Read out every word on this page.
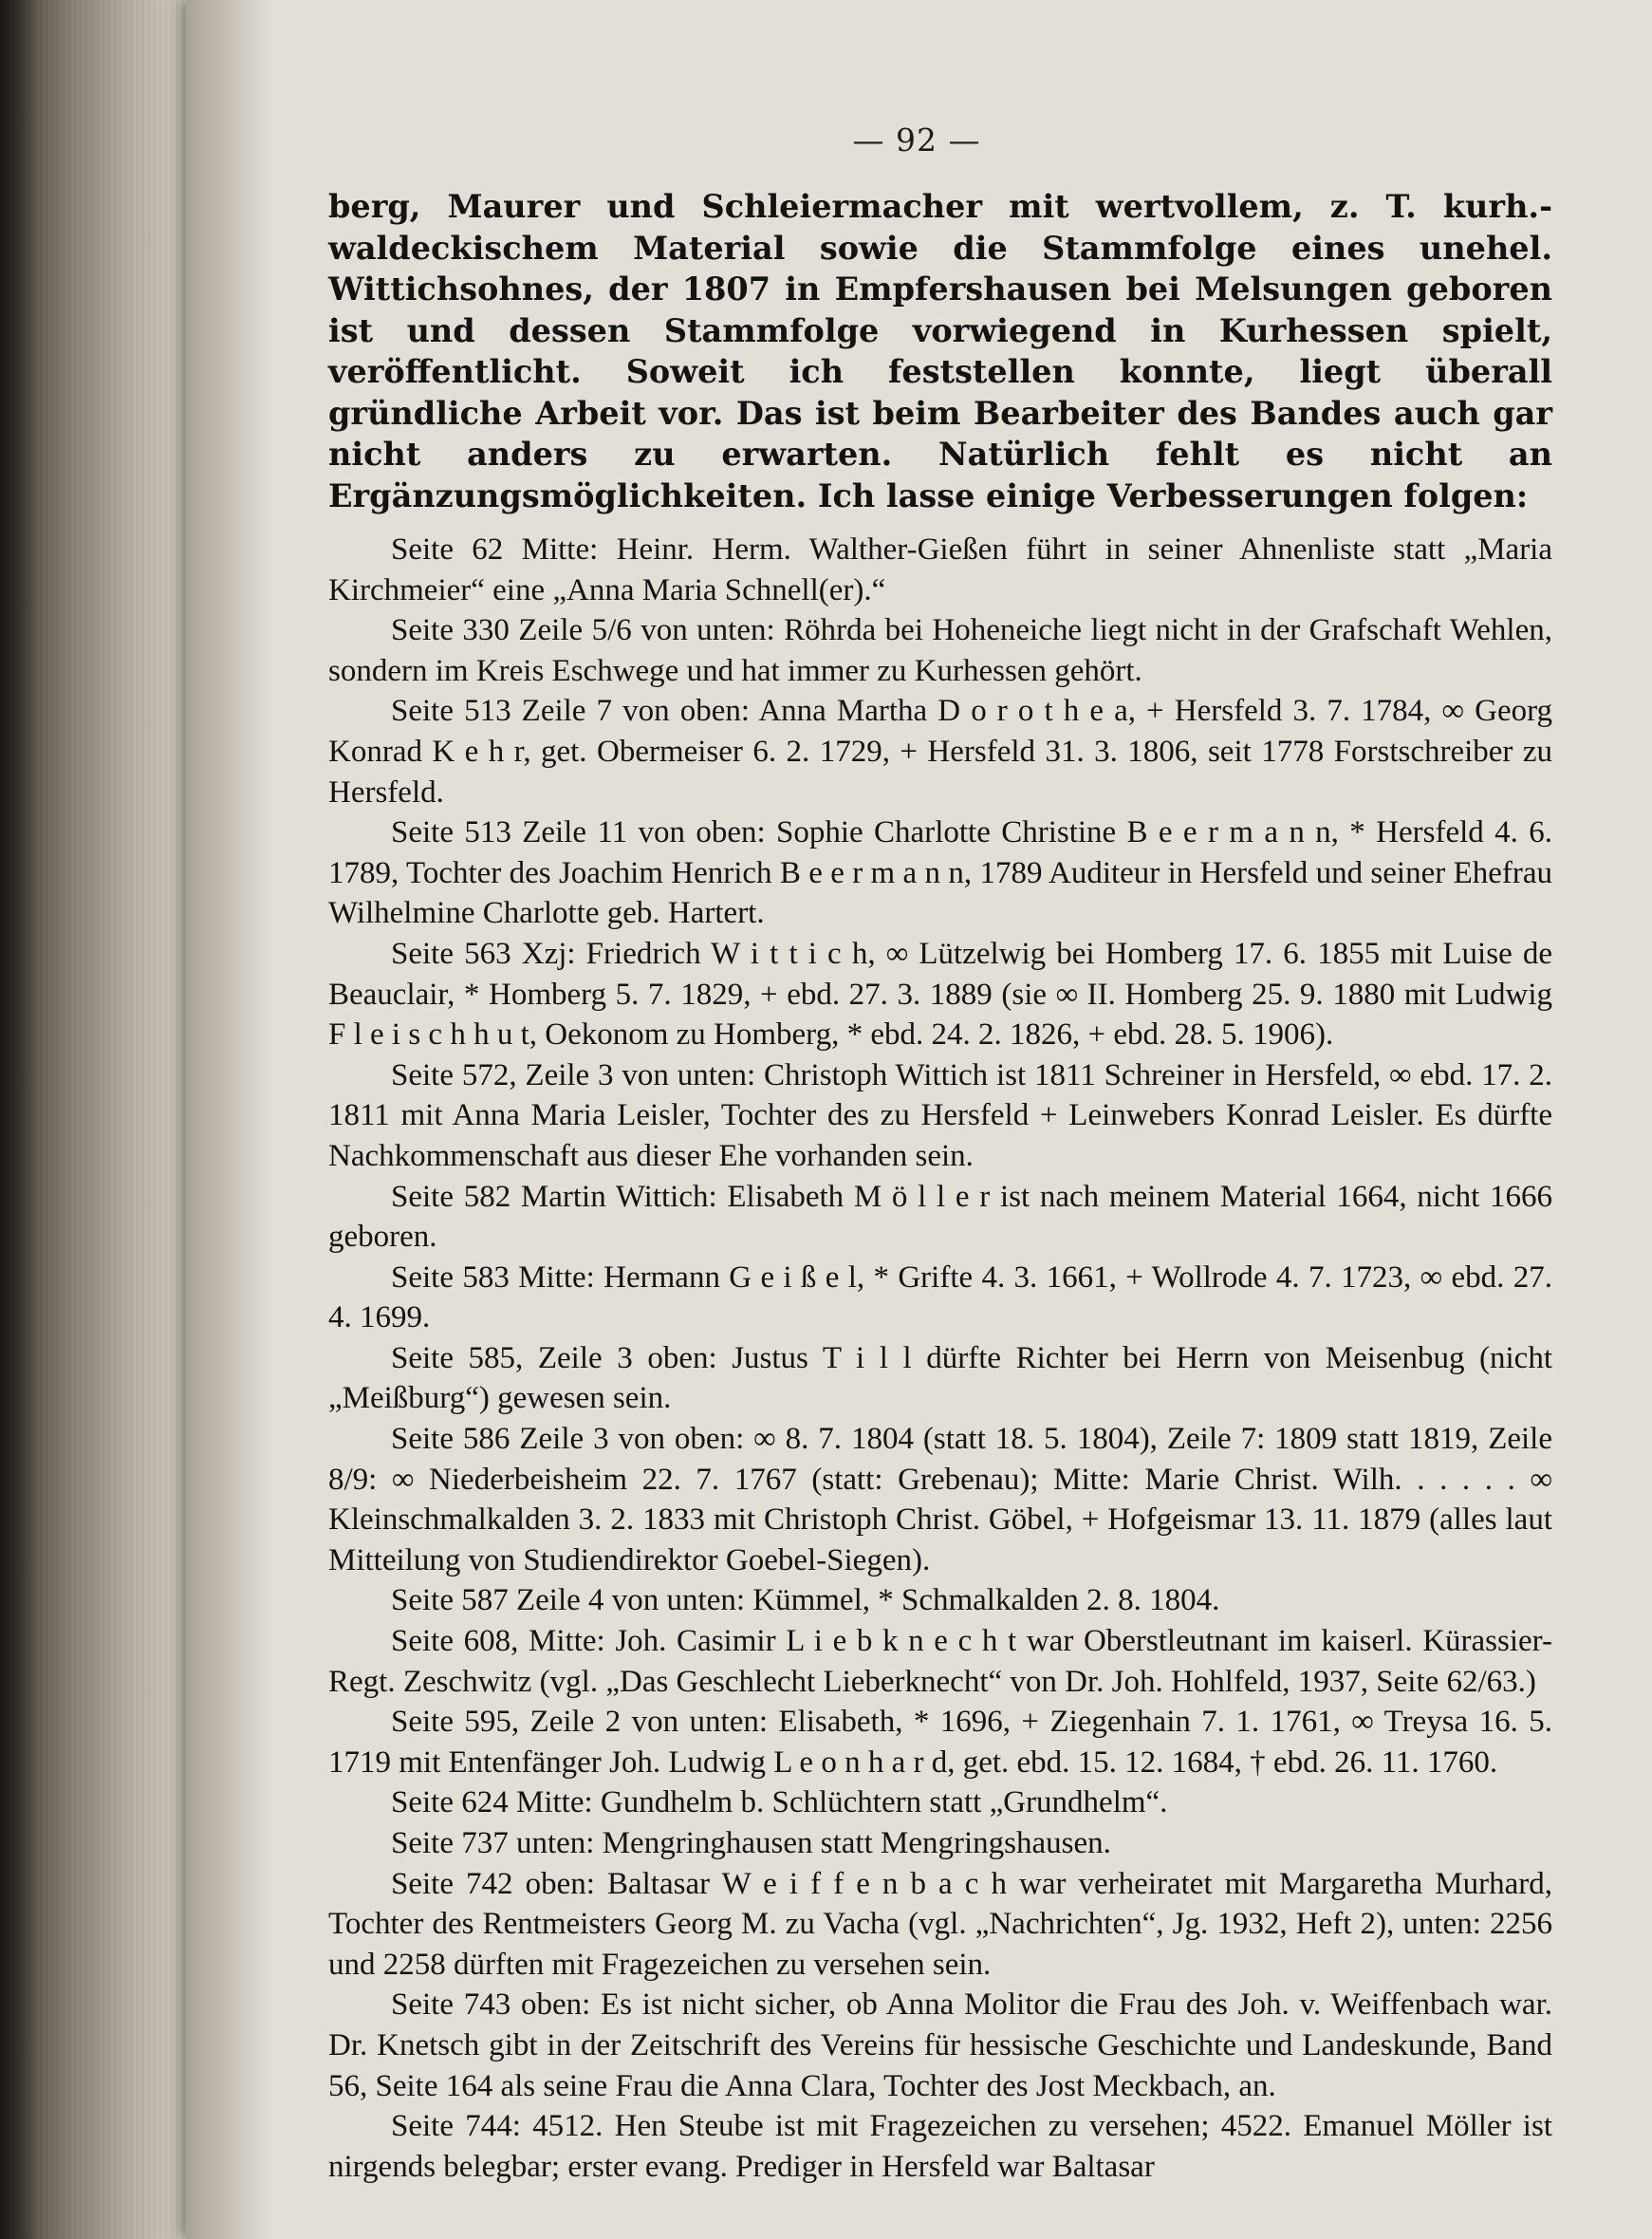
— 92 —

berg, Maurer und Schleiermacher mit wertvollem, z. T. kurh.-waldeckischem Material sowie die Stammfolge eines unehel. Wittichsohnes, der 1807 in Empfershausen bei Melsungen geboren ist und dessen Stammfolge vorwiegend in Kurhessen spielt, veröffentlicht. Soweit ich feststellen konnte, liegt überall gründliche Arbeit vor. Das ist beim Bearbeiter des Bandes auch gar nicht anders zu erwarten. Natürlich fehlt es nicht an Ergänzungsmöglichkeiten. Ich lasse einige Verbesserungen folgen:

Seite 62 Mitte: Heinr. Herm. Walther-Gießen führt in seiner Ahnenliste statt „Maria Kirchmeier“ eine „Anna Maria Schnell(er).“

Seite 330 Zeile 5/6 von unten: Röhrda bei Hoheneiche liegt nicht in der Grafschaft Wehlen, sondern im Kreis Eschwege und hat immer zu Kurhessen gehört.

Seite 513 Zeile 7 von oben: Anna Martha D o r o t h e a, + Hersfeld 3. 7. 1784, ∞ Georg Konrad K e h r, get. Obermeiser 6. 2. 1729, + Hersfeld 31. 3. 1806, seit 1778 Forstschreiber zu Hersfeld.

Seite 513 Zeile 11 von oben: Sophie Charlotte Christine B e e r m a n n, * Hersfeld 4. 6. 1789, Tochter des Joachim Henrich B e e r m a n n, 1789 Auditeur in Hersfeld und seiner Ehefrau Wilhelmine Charlotte geb. Hartert.

Seite 563 Xzj: Friedrich W i t t i c h, ∞ Lützelwig bei Homberg 17. 6. 1855 mit Luise de Beauclair, * Homberg 5. 7. 1829, + ebd. 27. 3. 1889 (sie ∞ II. Homberg 25. 9. 1880 mit Ludwig F l e i s c h h u t, Oekonom zu Homberg, * ebd. 24. 2. 1826, + ebd. 28. 5. 1906).

Seite 572, Zeile 3 von unten: Christoph Wittich ist 1811 Schreiner in Hersfeld, ∞ ebd. 17. 2. 1811 mit Anna Maria Leisler, Tochter des zu Hersfeld + Leinwebers Konrad Leisler. Es dürfte Nachkommenschaft aus dieser Ehe vorhanden sein.

Seite 582 Martin Wittich: Elisabeth M ö l l e r ist nach meinem Material 1664, nicht 1666 geboren.

Seite 583 Mitte: Hermann G e i ß e l, * Grifte 4. 3. 1661, + Wollrode 4. 7. 1723, ∞ ebd. 27. 4. 1699.

Seite 585, Zeile 3 oben: Justus T i l l dürfte Richter bei Herrn von Meisenbug (nicht „Meißburg“) gewesen sein.

Seite 586 Zeile 3 von oben: ∞ 8. 7. 1804 (statt 18. 5. 1804), Zeile 7: 1809 statt 1819, Zeile 8/9: ∞ Niederbeisheim 22. 7. 1767 (statt: Grebenau); Mitte: Marie Christ. Wilh. . . . . . ∞ Kleinschmalkalden 3. 2. 1833 mit Christoph Christ. Göbel, + Hofgeismar 13. 11. 1879 (alles laut Mitteilung von Studiendirektor Goebel-Siegen).

Seite 587 Zeile 4 von unten: Kümmel, * Schmalkalden 2. 8. 1804.

Seite 608, Mitte: Joh. Casimir L i e b k n e c h t war Oberstleutnant im kaiserl. Kürassier-Regt. Zeschwitz (vgl. „Das Geschlecht Lieberknecht“ von Dr. Joh. Hohlfeld, 1937, Seite 62/63.)

Seite 595, Zeile 2 von unten: Elisabeth, * 1696, + Ziegenhain 7. 1. 1761, ∞ Treysa 16. 5. 1719 mit Entenfänger Joh. Ludwig L e o n h a r d, get. ebd. 15. 12. 1684, † ebd. 26. 11. 1760.

Seite 624 Mitte: Gundhelm b. Schlüchtern statt „Grundhelm“.

Seite 737 unten: Mengringhausen statt Mengringshausen.

Seite 742 oben: Baltasar W e i f f e n b a c h war verheiratet mit Margaretha Murhard, Tochter des Rentmeisters Georg M. zu Vacha (vgl. „Nachrichten“, Jg. 1932, Heft 2), unten: 2256 und 2258 dürften mit Fragezeichen zu versehen sein.

Seite 743 oben: Es ist nicht sicher, ob Anna Molitor die Frau des Joh. v. Weiffenbach war. Dr. Knetsch gibt in der Zeitschrift des Vereins für hessische Geschichte und Landeskunde, Band 56, Seite 164 als seine Frau die Anna Clara, Tochter des Jost Meckbach, an.

Seite 744: 4512. Hen Steube ist mit Fragezeichen zu versehen; 4522. Emanuel Möller ist nirgends belegbar; erster evang. Prediger in Hersfeld war Baltasar
